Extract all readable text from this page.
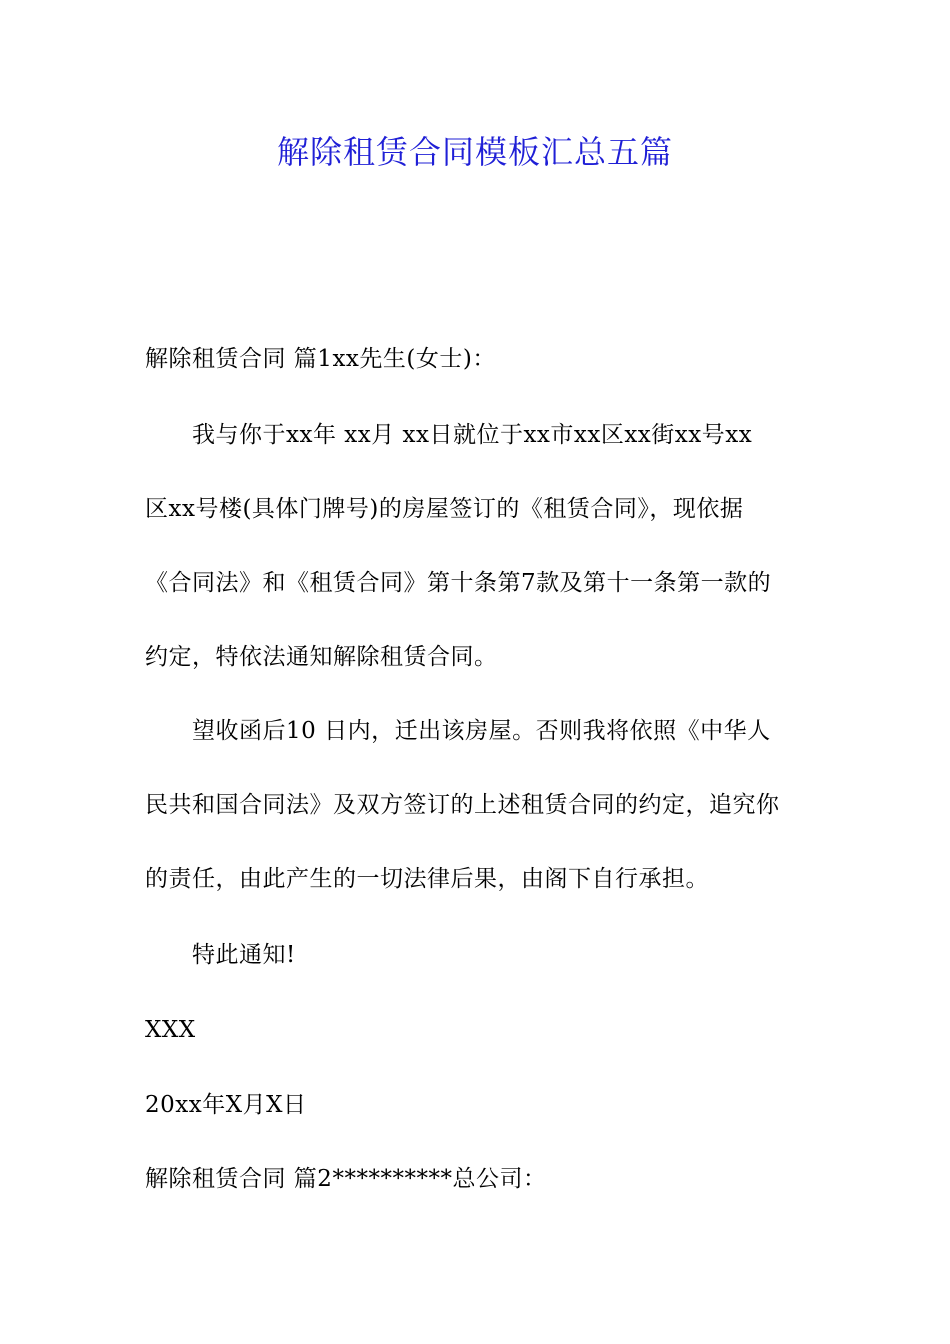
解除租赁合同模板汇总五篇
解除租赁合同 篇1xx先生(女士)：
我与你于xx年 xx月 xx日就位于xx市xx区xx街xx号xx
区xx号楼(具体门牌号)的房屋签订的《租赁合同》，现依据
《合同法》和《租赁合同》第十条第7款及第十一条第一款的
约定，特依法通知解除租赁合同。
望收函后10 日内，迁出该房屋。否则我将依照《中华人
民共和国合同法》及双方签订的上述租赁合同的约定，追究你
的责任，由此产生的一切法律后果，由阁下自行承担。
特此通知!
XXX
20xx年X月X日
解除租赁合同 篇2**********总公司：
